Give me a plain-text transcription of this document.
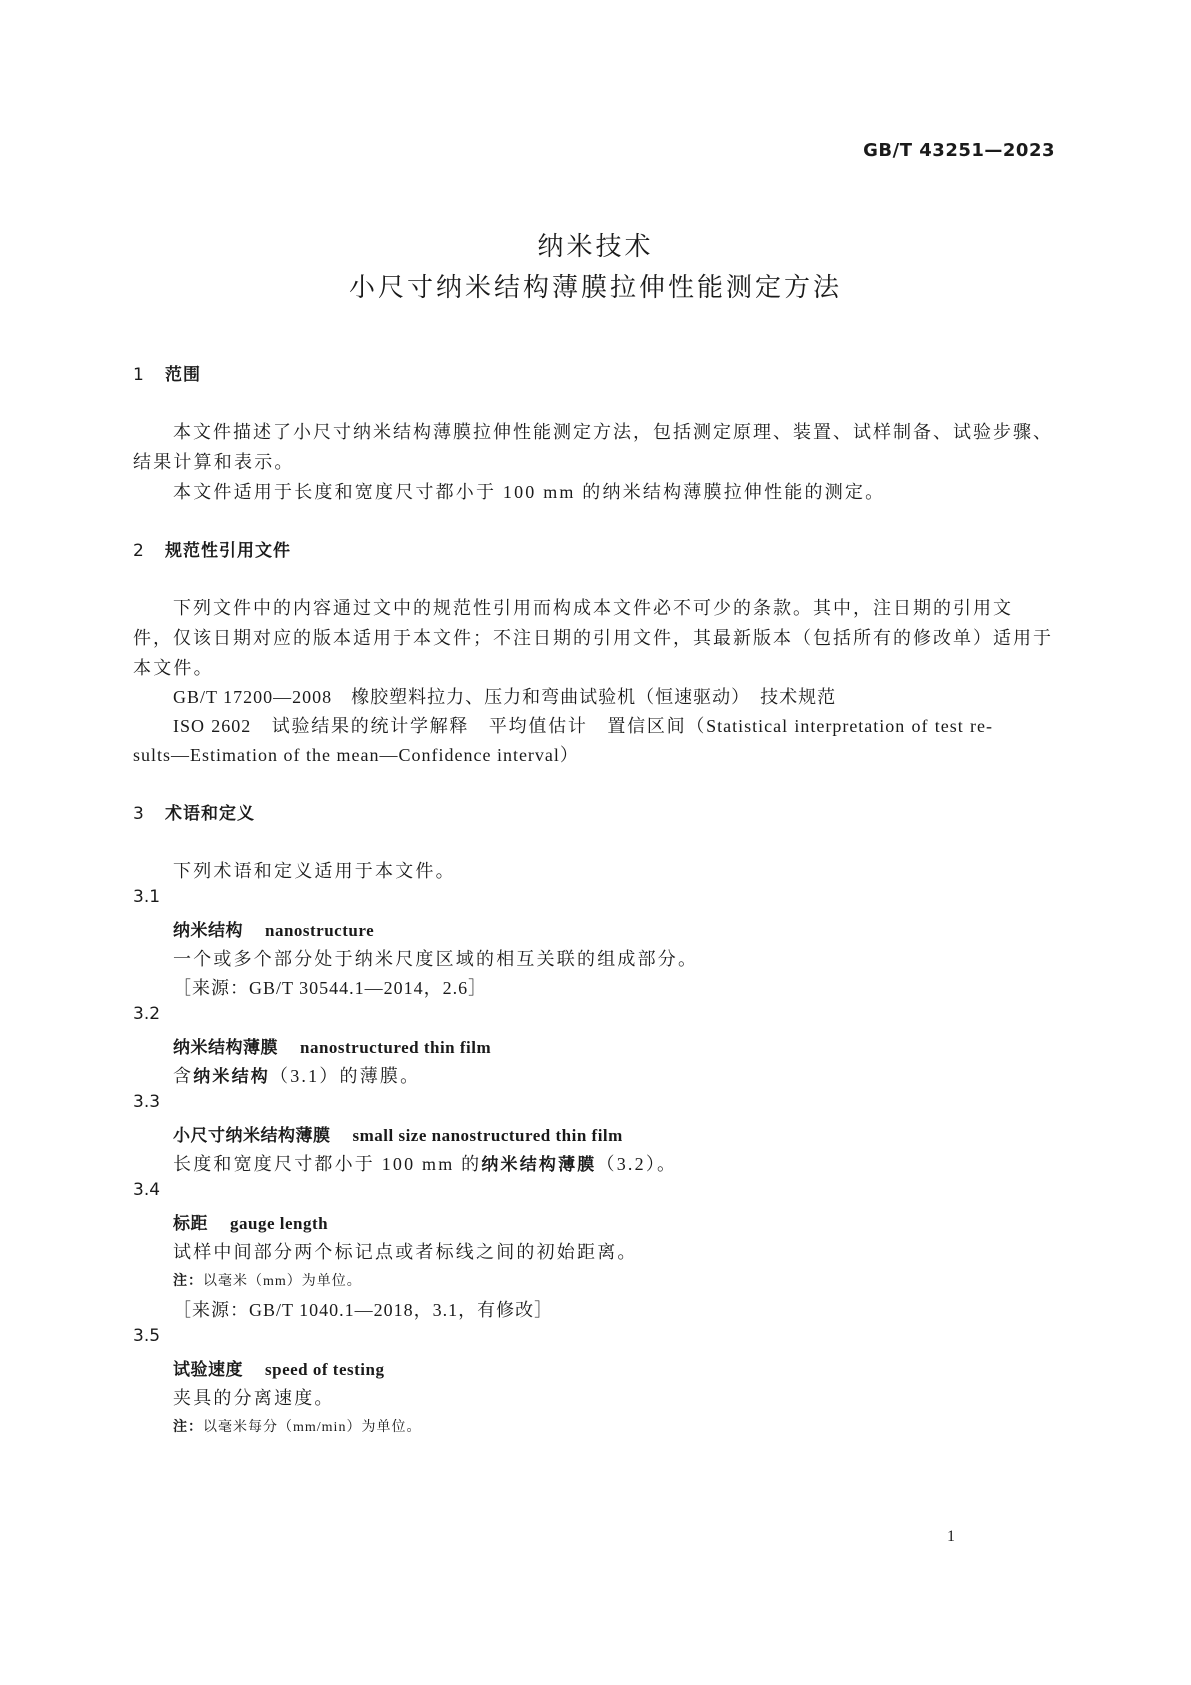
GB/T 43251—2023
纳米技术
小尺寸纳米结构薄膜拉伸性能测定方法
1 范围
本文件描述了小尺寸纳米结构薄膜拉伸性能测定方法，包括测定原理、装置、试样制备、试验步骤、
结果计算和表示。
本文件适用于长度和宽度尺寸都小于 100 mm 的纳米结构薄膜拉伸性能的测定。
2 规范性引用文件
下列文件中的内容通过文中的规范性引用而构成本文件必不可少的条款。其中，注日期的引用文
件，仅该日期对应的版本适用于本文件；不注日期的引用文件，其最新版本（包括所有的修改单）适用于
本文件。
GB/T 17200—2008　橡胶塑料拉力、压力和弯曲试验机（恒速驱动）　技术规范
ISO 2602　试验结果的统计学解释　平均值估计　置信区间（Statistical interpretation of test re-
sults—Estimation of the mean—Confidence interval）
3 术语和定义
下列术语和定义适用于本文件。
3.1
纳米结构 nanostructure
一个或多个部分处于纳米尺度区域的相互关联的组成部分。
［来源：GB/T 30544.1—2014，2.6］
3.2
纳米结构薄膜 nanostructured thin film
含纳米结构（3.1）的薄膜。
3.3
小尺寸纳米结构薄膜 small size nanostructured thin film
长度和宽度尺寸都小于 100 mm 的纳米结构薄膜（3.2）。
3.4
标距 gauge length
试样中间部分两个标记点或者标线之间的初始距离。
注：以毫米（mm）为单位。
［来源：GB/T 1040.1—2018，3.1，有修改］
3.5
试验速度 speed of testing
夹具的分离速度。
注：以毫米每分（mm/min）为单位。
1
